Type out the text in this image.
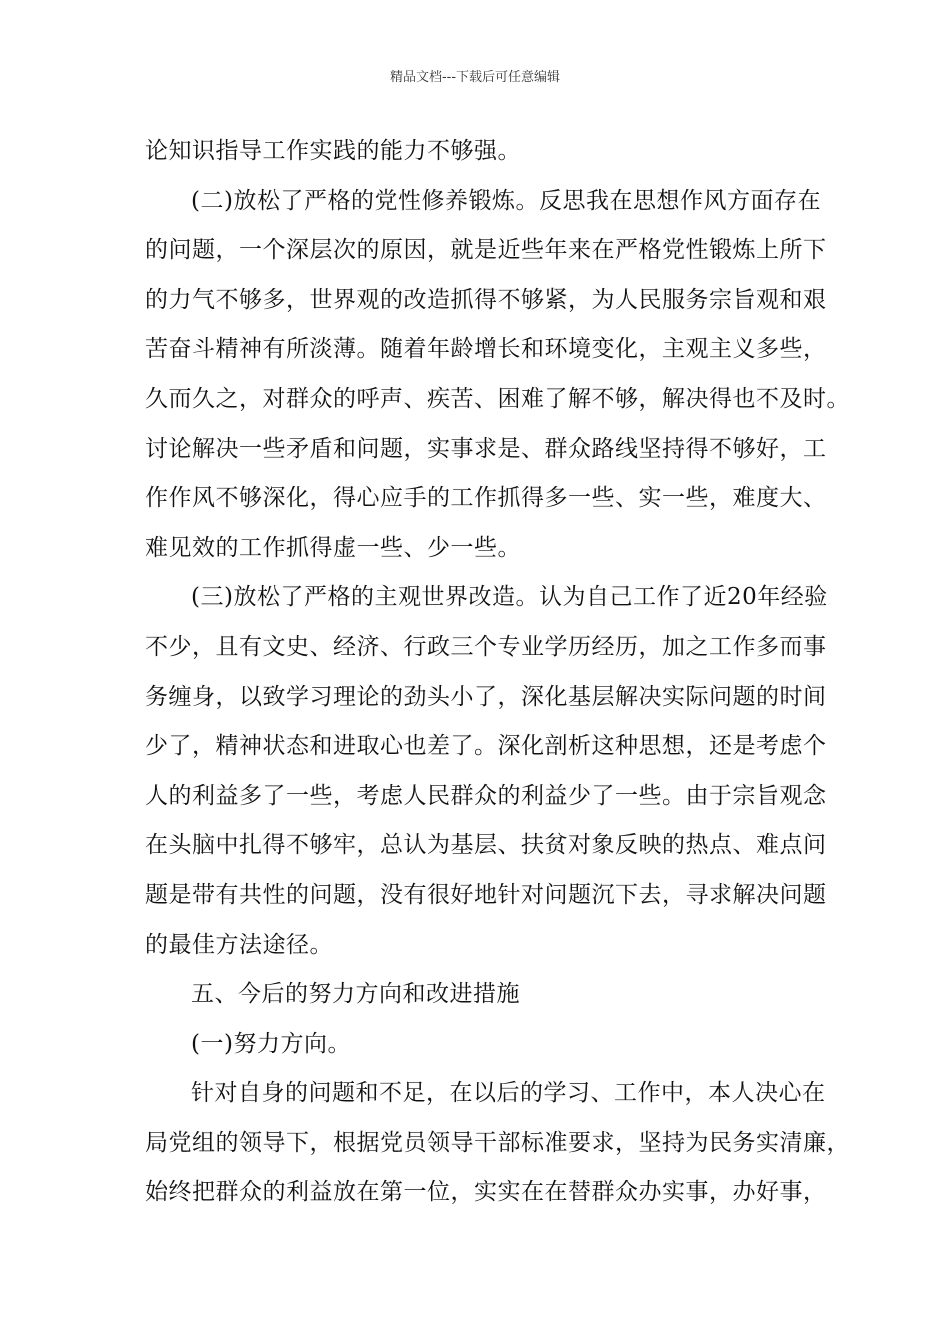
精品文档---下载后可任意编辑
论知识指导工作实践的能力不够强。
(二)放松了严格的党性修养锻炼。反思我在思想作风方面存在
的问题，一个深层次的原因，就是近些年来在严格党性锻炼上所下
的力气不够多，世界观的改造抓得不够紧，为人民服务宗旨观和艰
苦奋斗精神有所淡薄。随着年龄增长和环境变化，主观主义多些，
久而久之，对群众的呼声、疾苦、困难了解不够，解决得也不及时。
讨论解决一些矛盾和问题，实事求是、群众路线坚持得不够好，工
作作风不够深化，得心应手的工作抓得多一些、实一些，难度大、
难见效的工作抓得虚一些、少一些。
(三)放松了严格的主观世界改造。认为自己工作了近20年经验
不少，且有文史、经济、行政三个专业学历经历，加之工作多而事
务缠身，以致学习理论的劲头小了，深化基层解决实际问题的时间
少了，精神状态和进取心也差了。深化剖析这种思想，还是考虑个
人的利益多了一些，考虑人民群众的利益少了一些。由于宗旨观念
在头脑中扎得不够牢，总认为基层、扶贫对象反映的热点、难点问
题是带有共性的问题，没有很好地针对问题沉下去，寻求解决问题
的最佳方法途径。
五、今后的努力方向和改进措施
(一)努力方向。
针对自身的问题和不足，在以后的学习、工作中，本人决心在
局党组的领导下，根据党员领导干部标准要求，坚持为民务实清廉，
始终把群众的利益放在第一位，实实在在替群众办实事，办好事，
